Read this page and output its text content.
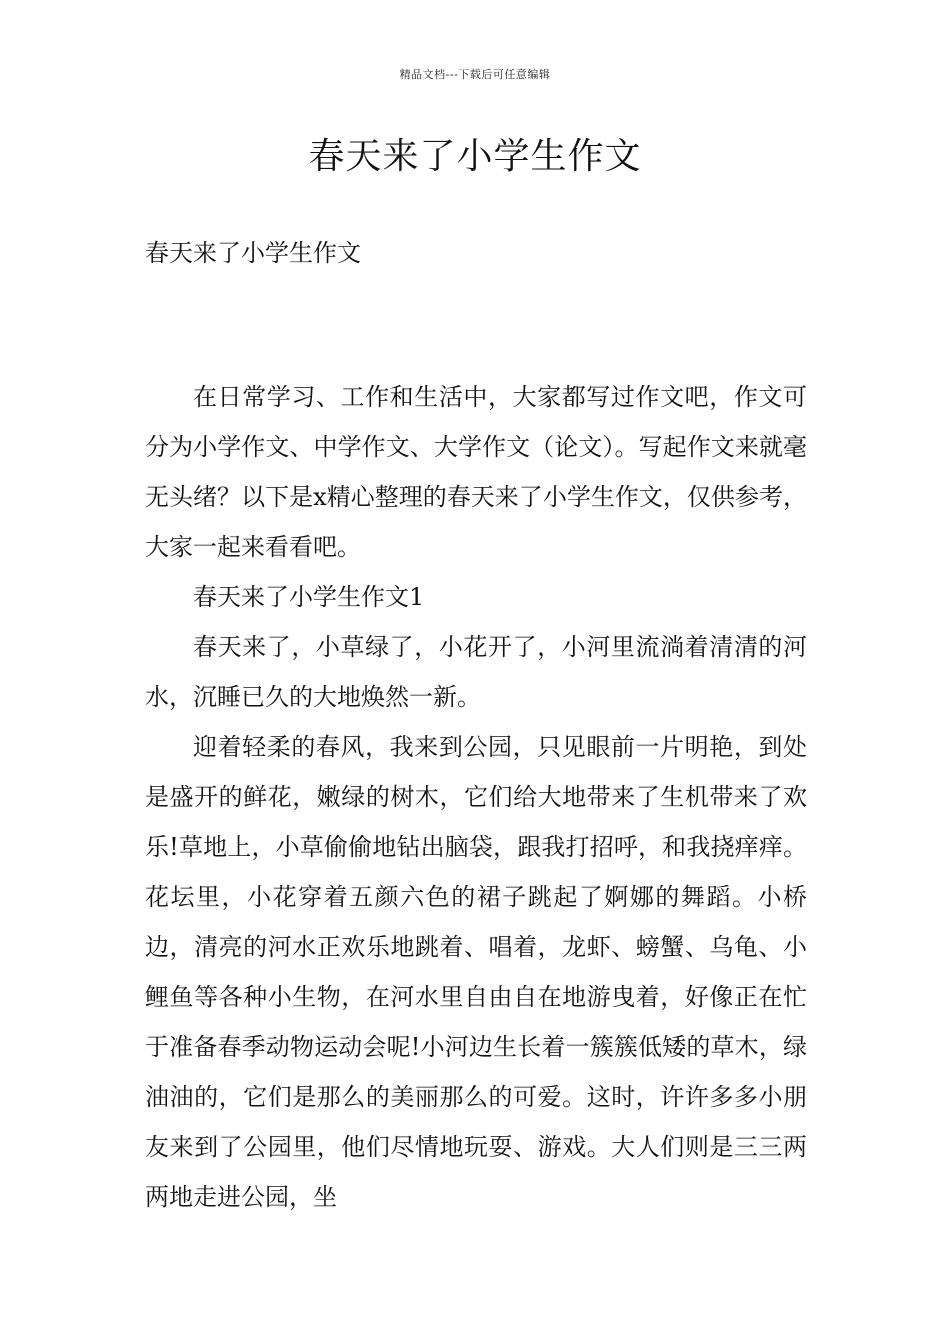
精品文档---下载后可任意编辑
春天来了小学生作文
春天来了小学生作文

在日常学习、工作和生活中，大家都写过作文吧，作文可分为小学作文、中学作文、大学作文（论文）。写起作文来就毫无头绪？以下是x精心整理的春天来了小学生作文，仅供参考，大家一起来看看吧。

春天来了小学生作文1

春天来了，小草绿了，小花开了，小河里流淌着清清的河水，沉睡已久的大地焕然一新。

迎着轻柔的春风，我来到公园，只见眼前一片明艳，到处是盛开的鲜花，嫩绿的树木，它们给大地带来了生机带来了欢乐!草地上，小草偷偷地钻出脑袋，跟我打招呼，和我挠痒痒。花坛里，小花穿着五颜六色的裙子跳起了婀娜的舞蹈。小桥边，清亮的河水正欢乐地跳着、唱着，龙虾、螃蟹、乌龟、小鲤鱼等各种小生物，在河水里自由自在地游曳着，好像正在忙于准备春季动物运动会呢!小河边生长着一簇簇低矮的草木，绿油油的，它们是那么的美丽那么的可爱。这时，许许多多小朋友来到了公园里，他们尽情地玩耍、游戏。大人们则是三三两两地走进公园，坐
